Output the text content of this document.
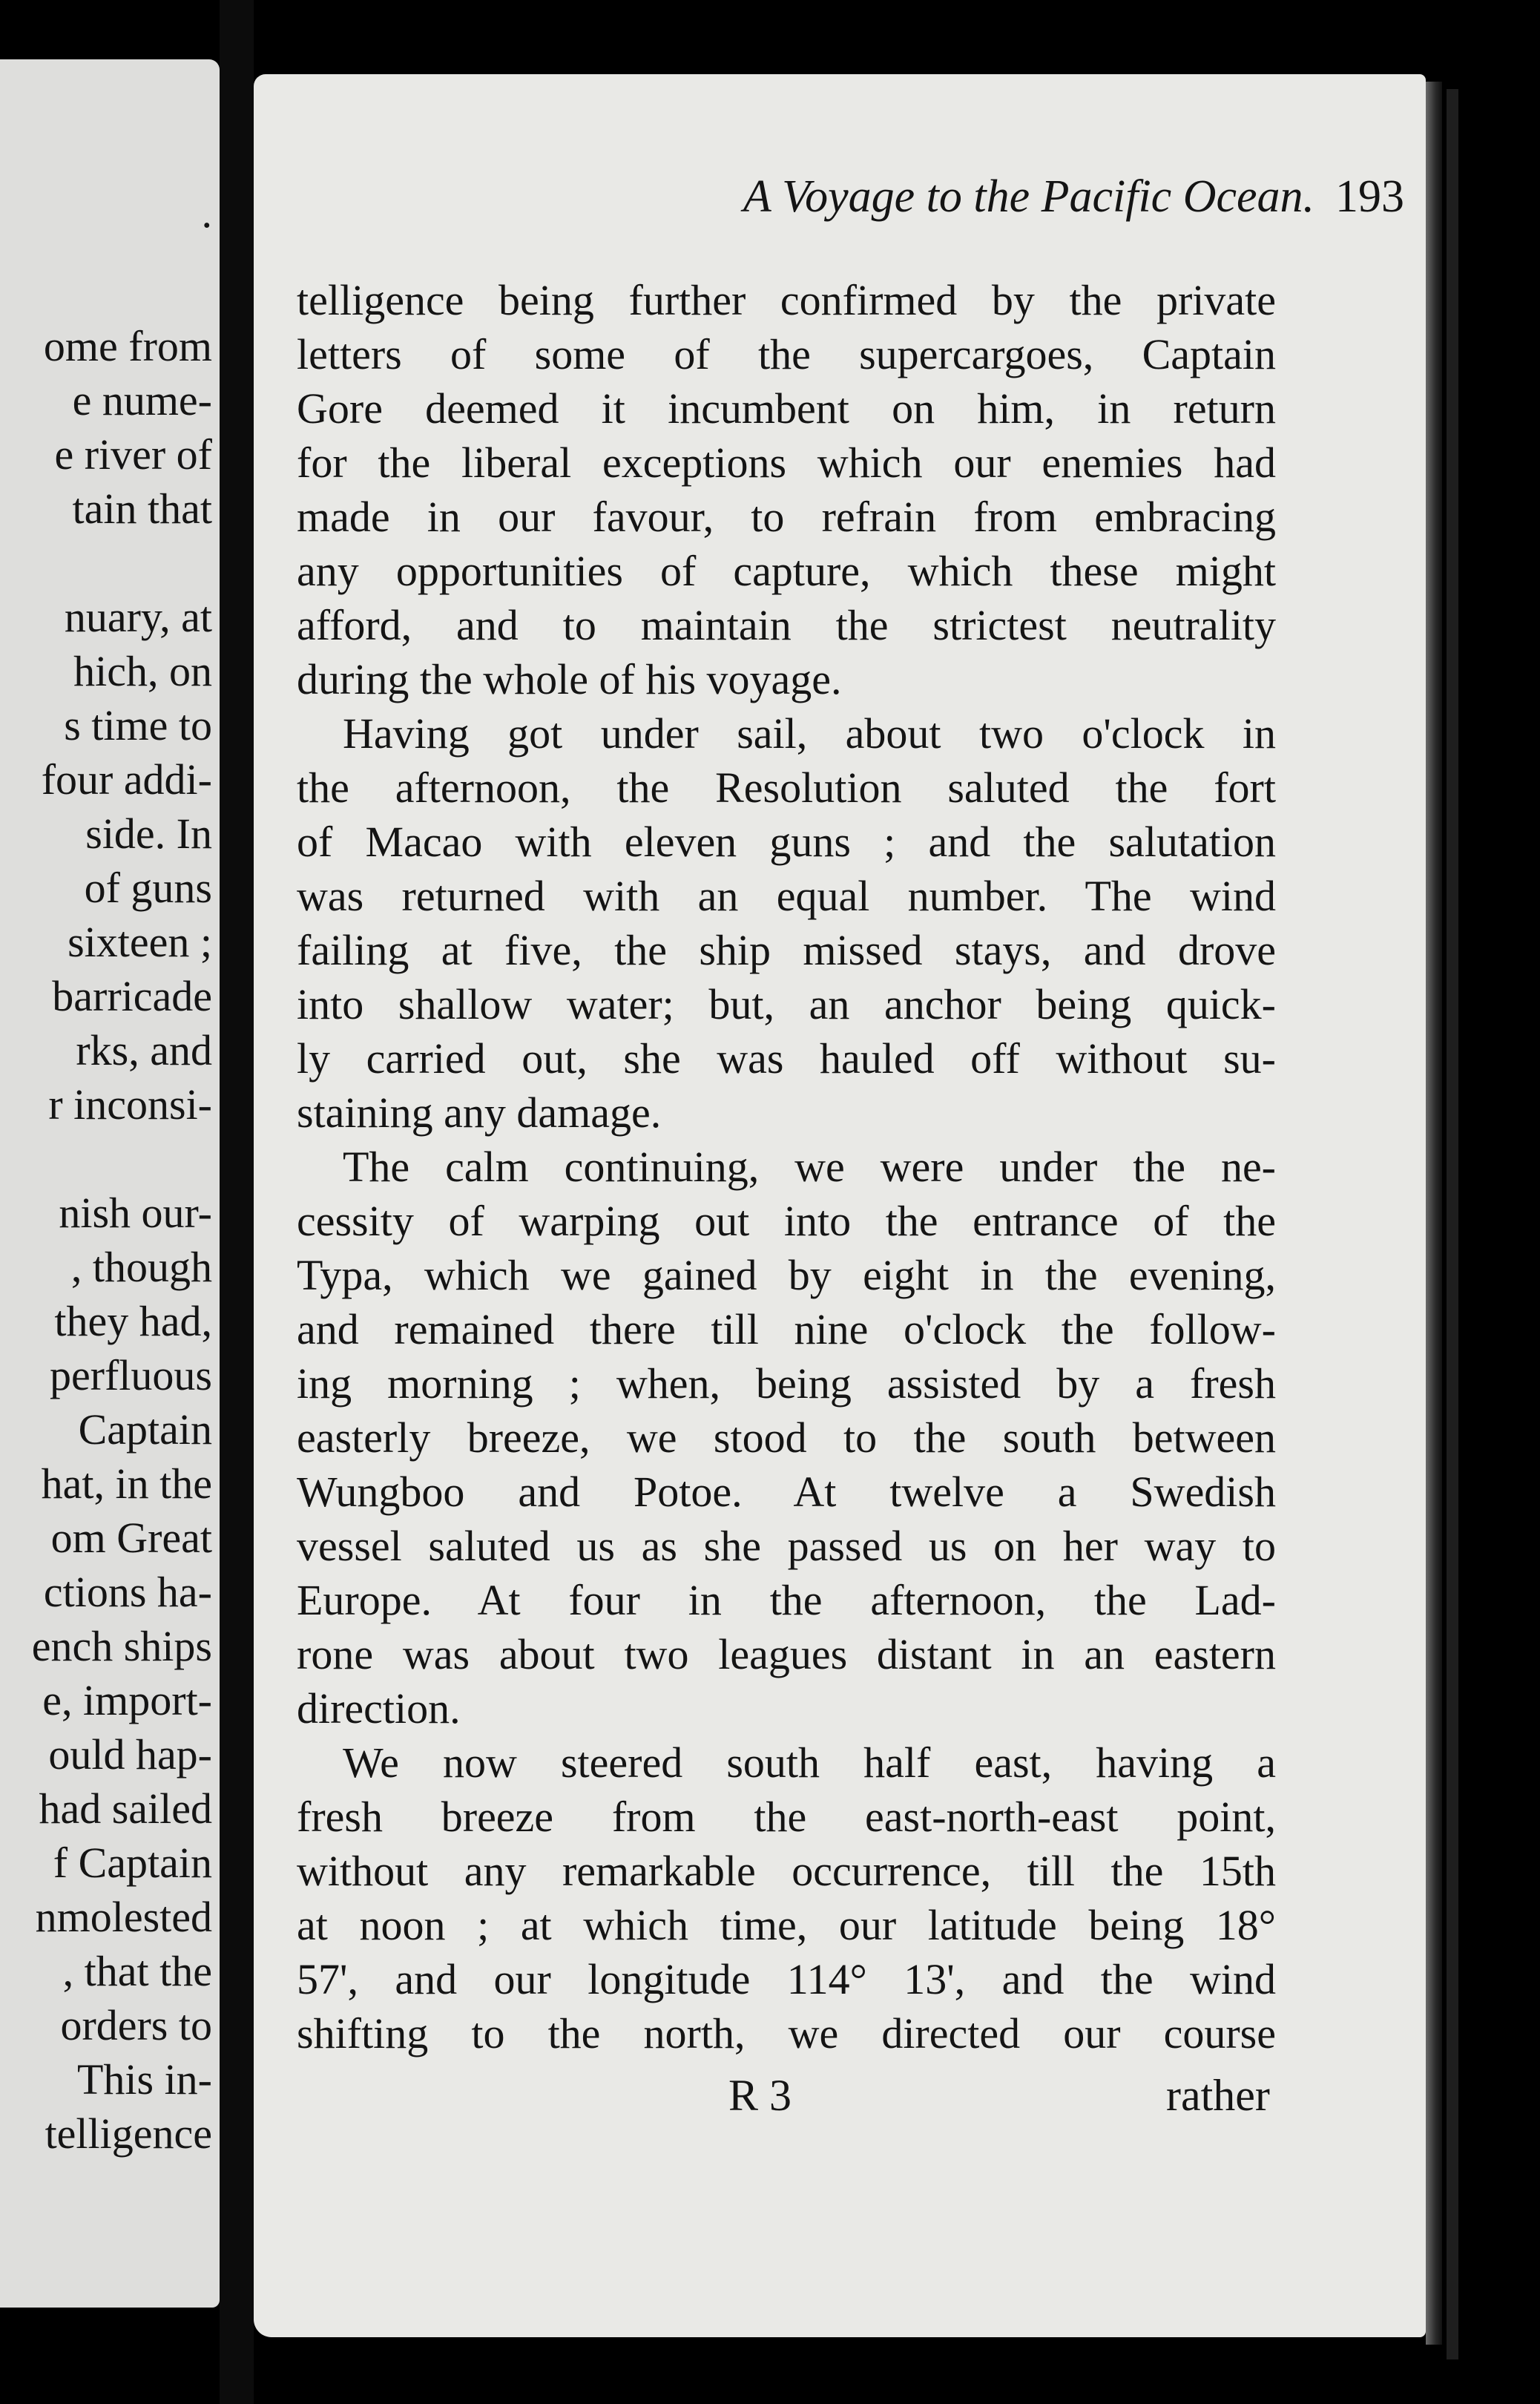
.
ome from
e nume-
e river of
tain that
nuary, at
hich, on
s time to
four addi-
side. In
of guns
sixteen ;
barricade
rks, and
r inconsi-
nish our-
, though
they had,
perfluous
Captain
hat, in the
om Great
ctions ha-
ench ships
e, import-
ould hap-
had sailed
f Captain
nmolested
, that the
orders to
This in-
telligence
A Voyage to the Pacific Ocean. 193
telligence being further confirmed by the private
letters of some of the supercargoes, Captain
Gore deemed it incumbent on him, in return
for the liberal exceptions which our enemies had
made in our favour, to refrain from embracing
any opportunities of capture, which these might
afford, and to maintain the strictest neutrality
during the whole of his voyage.
Having got under sail, about two o'clock in
the afternoon, the Resolution saluted the fort
of Macao with eleven guns ; and the salutation
was returned with an equal number. The wind
failing at five, the ship missed stays, and drove
into shallow water; but, an anchor being quick-
ly carried out, she was hauled off without su-
staining any damage.
The calm continuing, we were under the ne-
cessity of warping out into the entrance of the
Typa, which we gained by eight in the evening,
and remained there till nine o'clock the follow-
ing morning ; when, being assisted by a fresh
easterly breeze, we stood to the south between
Wungboo and Potoe. At twelve a Swedish
vessel saluted us as she passed us on her way to
Europe. At four in the afternoon, the Lad-
rone was about two leagues distant in an eastern
direction.
We now steered south half east, having a
fresh breeze from the east-north-east point,
without any remarkable occurrence, till the 15th
at noon ; at which time, our latitude being 18°
57', and our longitude 114° 13', and the wind
shifting to the north, we directed our course
R 3	rather
